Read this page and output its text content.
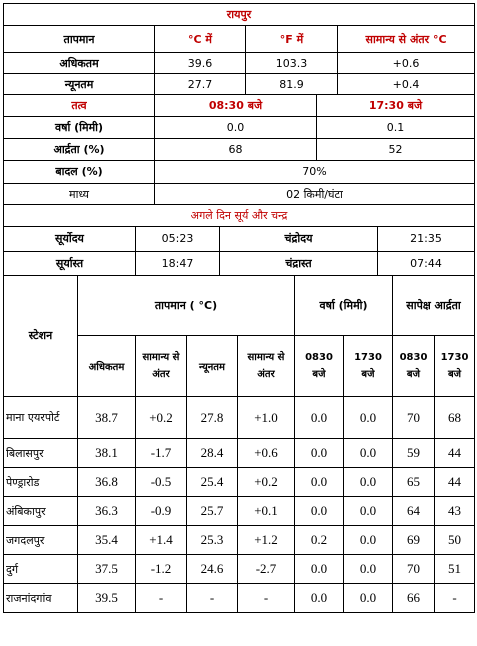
रायपुर			
तापमान	°C में	°F में	सामान्य से अंतर °C
अधिकतम	39.6	103.3	+0.6
न्यूनतम	27.7	81.9	+0.4
तत्व	08:30 बजे	17:30 बजे
वर्षा (मिमी)	0.0	0.1
आर्द्रता (%)	68	52
बादल (%)	70%
माध्य	02 किमी/घंटा
अगले दिन सूर्य और चन्द्र	
सूर्योदय	05:23	चंद्रोदय	21:35
सूर्यास्त	18:47	चंद्रास्त	07:44
स्टेशन	तापमान ( °C)				वर्षा (मिमी)		सापेक्ष आर्द्रता	
	अधिकतम	सामान्य से अंतर	न्यूनतम	सामान्य से अंतर	0830 बजे	1730 बजे	0830 बजे	1730 बजे
माना एयरपोर्ट	38.7	+0.2	27.8	+1.0	0.0	0.0	70	68
बिलासपुर	38.1	-1.7	28.4	+0.6	0.0	0.0	59	44
पेण्ड्रारोड	36.8	-0.5	25.4	+0.2	0.0	0.0	65	44
अंबिकापुर	36.3	-0.9	25.7	+0.1	0.0	0.0	64	43
जगदलपुर	35.4	+1.4	25.3	+1.2	0.2	0.0	69	50
दुर्ग	37.5	-1.2	24.6	-2.7	0.0	0.0	70	51
राजनांदगांव	39.5	-	-	-	0.0	0.0	66	-
